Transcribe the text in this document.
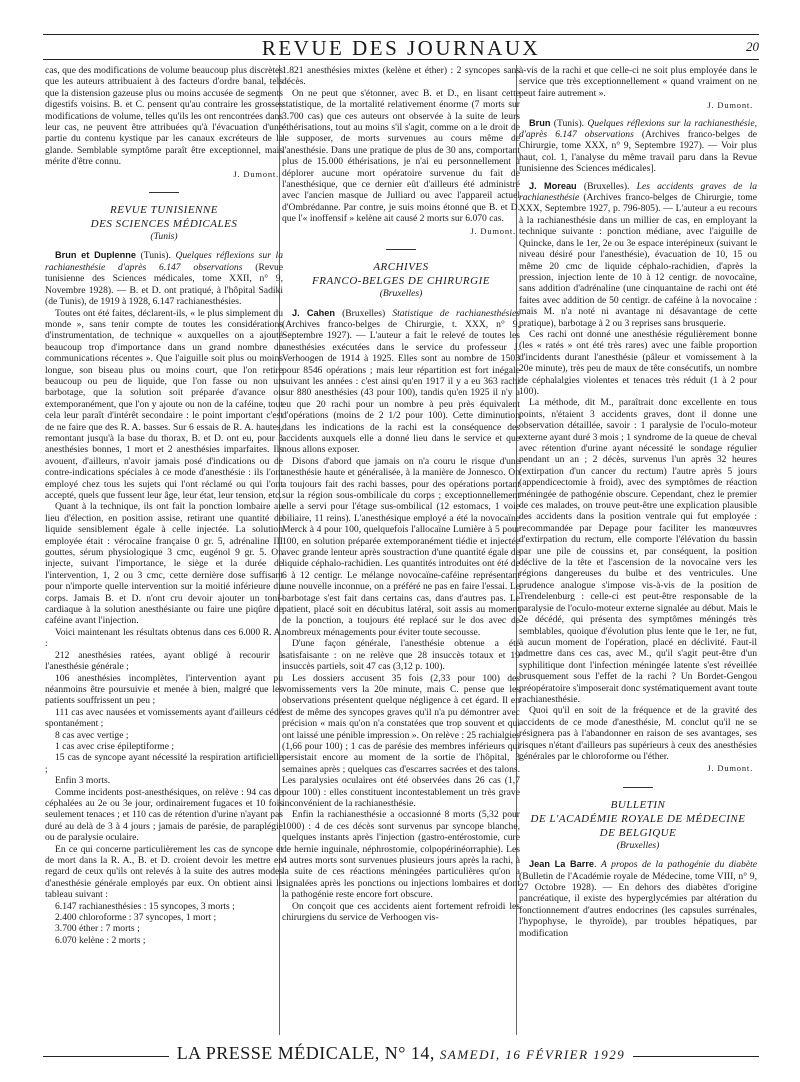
REVUE DES JOURNAUX	20

cas, que des modifications de volume beaucoup plus discrètes que les auteurs attribuaient à des facteurs d'ordre banal, tels que la distension gazeuse plus ou moins accusée de segments digestifs voisins. B. et C. pensent qu'au contraire les grosses modifications de volume, telles qu'ils les ont rencontrées dans leur cas, ne peuvent être attribuées qu'à l'évacuation d'une partie du contenu kystique par les canaux excréteurs de la glande. Semblable symptôme paraît être exceptionnel, mais mérite d'être connu.

J. Dumont.
REVUE TUNISIENNE
DES SCIENCES MÉDICALES
(Tunis)

Brun et Duplenne (Tunis). Quelques réflexions sur la rachianesthésie d'après 6.147 observations (Revue tunisienne des Sciences médicales, tome XXII, n° 9, Novembre 1928). — B. et D. ont pratiqué, à l'hôpital Sadiki (de Tunis), de 1919 à 1928, 6.147 rachianesthésies.

Toutes ont été faites, déclarent-ils, « le plus simplement du monde », sans tenir compte de toutes les considérations d'instrumentation, de technique « auxquelles on a ajouté beaucoup trop d'importance dans un grand nombre de communications récentes ». Que l'aiguille soit plus ou moins longue, son biseau plus ou moins court, que l'on retire beaucoup ou peu de liquide, que l'on fasse ou non un barbotage, que la solution soit préparée d'avance ou extemporanément, que l'on y ajoute ou non de la caféine, tout cela leur paraît d'intérêt secondaire : le point important c'est de ne faire que des R. A. basses. Sur 6 essais de R. A. hautes, remontant jusqu'à la base du thorax, B. et D. ont eu, pour 3 anesthésies bonnes, 1 mort et 2 anesthésies imparfaites. Ils avouent, d'ailleurs, n'avoir jamais posé d'indications ou de contre-indications spéciales à ce mode d'anesthésie : ils l'ont employé chez tous les sujets qui l'ont réclamé ou qui l'ont accepté, quels que fussent leur âge, leur état, leur tension, etc.

Quant à la technique, ils ont fait la ponction lombaire au lieu d'élection, en position assise, retirant une quantité de liquide sensiblement égale à celle injectée. La solution employée était : vérocaïne française 0 gr. 5, adrénaline III gouttes, sérum physiologique 3 cmc, eugénol 9 gr. 5. On injecte, suivant l'importance, le siège et la durée de l'intervention, 1, 2 ou 3 cmc, cette dernière dose suffisant pour n'importe quelle intervention sur la moitié inférieure du corps. Jamais B. et D. n'ont cru devoir ajouter un toni-cardiaque à la solution anesthésiante ou faire une piqûre de caféine avant l'injection.

Voici maintenant les résultats obtenus dans ces 6.000 R. A. :

212 anesthésies ratées, ayant obligé à recourir à l'anesthésie générale ;

106 anesthésies incomplètes, l'intervention ayant pu néanmoins être poursuivie et menée à bien, malgré que les patients souffrissent un peu ;

111 cas avec nausées et vomissements ayant d'ailleurs cédé spontanément ;

8 cas avec vertige ;

1 cas avec crise épileptiforme ;

15 cas de syncope ayant nécessité la respiration artificielle ;

Enfin 3 morts.

Comme incidents post-anesthésiques, on relève : 94 cas de céphalées au 2e ou 3e jour, ordinairement fugaces et 10 fois seulement tenaces ; et 110 cas de rétention d'urine n'ayant pas duré au delà de 3 à 4 jours ; jamais de parésie, de paraplégie ou de paralysie oculaire.

En ce qui concerne particulièrement les cas de syncope et de mort dans la R. A., B. et D. croient devoir les mettre en regard de ceux qu'ils ont relevés à la suite des autres modes d'anesthésie générale employés par eux. On obtient ainsi le tableau suivant :

6.147 rachianesthésies : 15 syncopes, 3 morts ;

2.400 chloroforme : 37 syncopes, 1 mort ;

3.700 éther : 7 morts ;

6.070 kelène : 2 morts ;

1.821 anesthésies mixtes (kelène et éther) : 2 syncopes sans décès.

On ne peut que s'étonner, avec B. et D., en lisant cette statistique, de la mortalité relativement énorme (7 morts sur 3.700 cas) que ces auteurs ont observée à la suite de leurs éthérisations, tout au moins s'il s'agit, comme on a le droit de le supposer, de morts survenues au cours même de l'anesthésie. Dans une pratique de plus de 30 ans, comportant plus de 15.000 éthérisations, je n'ai eu personnellement à déplorer aucune mort opératoire survenue du fait de l'anesthésique, que ce dernier eût d'ailleurs été administré avec l'ancien masque de Julliard ou avec l'appareil actuel d'Ombrédanne. Par contre, je suis moins étonné que B. et D. que l'« inoffensif » kelène ait causé 2 morts sur 6.070 cas.

J. Dumont.
ARCHIVES
FRANCO-BELGES DE CHIRURGIE
(Bruxelles)

J. Cahen (Bruxelles) Statistique de rachianesthésies (Archives franco-belges de Chirurgie, t. XXX, n° 9, Septembre 1927). — L'auteur a fait le relevé de toutes les anesthésies exécutées dans le service du professeur J. Verhoogen de 1914 à 1925. Elles sont au nombre de 1503 pour 8546 opérations ; mais leur répartition est fort inégale suivant les années : c'est ainsi qu'en 1917 il y a eu 363 rachi sur 880 anesthésies (43 pour 100), tandis qu'en 1925 il n'y a eu que 20 rachi pour un nombre à peu près équivalent d'opérations (moins de 2 1/2 pour 100). Cette diminution dans les indications de la rachi est la conséquence des accidents auxquels elle a donné lieu dans le service et que nous allons exposer.

Disons d'abord que jamais on n'a couru le risque d'une anesthésie haute et généralisée, à la manière de Jonnesco. On a toujours fait des rachi basses, pour des opérations portant sur la région sous-ombilicale du corps ; exceptionnellement elle a servi pour l'étage sus-ombilical (12 estomacs, 1 voie biliaire, 11 reins). L'anesthésique employé a été la novocaïne Merck à 4 pour 100, quelquefois l'allocaïne Lumière à 5 pour 100, en solution préparée extemporanément tiédie et injectée avec grande lenteur après soustraction d'une quantité égale de liquide céphalo-rachidien. Les quantités introduites ont été de 6 à 12 centigr. Le mélange novocaïne-caféine représentant une nouvelle inconnue, on a préféré ne pas en faire l'essai. Le barbotage s'est fait dans certains cas, dans d'autres pas. Le patient, placé soit en décubitus latéral, soit assis au moment de la ponction, a toujours été replacé sur le dos avec de nombreux ménagements pour éviter toute secousse.

D'une façon générale, l'anesthésie obtenue a été satisfaisante : on ne relève que 28 insuccès totaux et 19 insuccès partiels, soit 47 cas (3,12 p. 100).

Les dossiers accusent 35 fois (2,33 pour 100) des vomissements vers la 20e minute, mais C. pense que les observations présentent quelque négligence à cet égard. Il en est de même des syncopes graves qu'il n'a pu démontrer avec précision « mais qu'on n'a constatées que trop souvent et qui ont laissé une pénible impression ». On relève : 25 rachialgies (1,66 pour 100) ; 1 cas de parésie des membres inférieurs qui persistait encore au moment de la sortie de l'hôpital, 3 semaines après ; quelques cas d'escarres sacrées et des talons. Les paralysies oculaires ont été observées dans 26 cas (1,7 pour 100) : elles constituent incontestablement un très grave inconvénient de la rachianesthésie.

Enfin la rachianesthésie a occasionné 8 morts (5,32 pour 1000) : 4 de ces décès sont survenus par syncope blanche, quelques instants après l'injection (gastro-entérostomie, cure de hernie inguinale, néphrostomie, colpopérinéorraphie). Les 4 autres morts sont survenues plusieurs jours après la rachi, à la suite de ces réactions méningées particulières qu'on a signalées après les ponctions ou injections lombaires et dont la pathogénie reste encore fort obscure.

On conçoit que ces accidents aient fortement refroidi les chirurgiens du service de Verhoogen vis-

à-vis de la rachi et que celle-ci ne soit plus employée dans le service que très exceptionnellement « quand vraiment on ne peut faire autrement ».

J. Dumont.

Brun (Tunis). Quelques réflexions sur la rachianesthésie, d'après 6.147 observations (Archives franco-belges de Chirurgie, tome XXX, n° 9, Septembre 1927). — Voir plus haut, col. 1, l'analyse du même travail paru dans la Revue tunisienne des Sciences médicales].

J. Moreau (Bruxelles). Les accidents graves de la rachianesthésie (Archives franco-belges de Chirurgie, tome XXX, Septembre 1927, p. 796-805). — L'auteur a eu recours à la rachianesthésie dans un millier de cas, en employant la technique suivante : ponction médiane, avec l'aiguille de Quincke, dans le 1er, 2e ou 3e espace interépineux (suivant le niveau désiré pour l'anesthésie), évacuation de 10, 15 ou même 20 cmc de liquide céphalo-rachidien, d'après la pression, injection lente de 10 à 12 centigr. de novocaïne, sans addition d'adrénaline (une cinquantaine de rachi ont été faites avec addition de 50 centigr. de caféine à la novocaïne : mais M. n'a noté ni avantage ni désavantage de cette pratique), barbotage à 2 ou 3 reprises sans brusquerie.

Ces rachi ont donné une anesthésie régulièrement bonne (les « ratés » ont été très rares) avec une faible proportion d'incidents durant l'anesthésie (pâleur et vomissement à la 20e minute), très peu de maux de tête consécutifs, un nombre de céphalalgies violentes et tenaces très réduit (1 à 2 pour 100).

La méthode, dit M., paraîtrait donc excellente en tous points, n'étaient 3 accidents graves, dont il donne une observation détaillée, savoir : 1 paralysie de l'oculo-moteur externe ayant duré 3 mois ; 1 syndrome de la queue de cheval avec rétention d'urine ayant nécessité le sondage régulier pendant un an ; 2 décès, survenus l'un après 32 heures (extirpation d'un cancer du rectum) l'autre après 5 jours (appendicectomie à froid), avec des symptômes de réaction méningée de pathogénie obscure. Cependant, chez le premier de ces malades, on trouve peut-être une explication plausible des accidents dans la position ventrale qui fut employée : recommandée par Depage pour faciliter les manœuvres d'extirpation du rectum, elle comporte l'élévation du bassin par une pile de coussins et, par conséquent, la position déclive de la tête et l'ascension de la novocaïne vers les régions dangereuses du bulbe et des ventricules. Une prudence analogue s'impose vis-à-vis de la position de Trendelenburg : celle-ci est peut-être responsable de la paralysie de l'oculo-moteur externe signalée au début. Mais le 2e décédé, qui présenta des symptômes méningés très semblables, quoique d'évolution plus lente que le 1er, ne fut, à aucun moment de l'opération, placé en déclivité. Faut-il admettre dans ces cas, avec M., qu'il s'agit peut-être d'un syphilitique dont l'infection méningée latente s'est réveillée brusquement sous l'effet de la rachi ? Un Bordet-Gengou préopératoire s'imposerait donc systématiquement avant toute rachianesthésie.

Quoi qu'il en soit de la fréquence et de la gravité des accidents de ce mode d'anesthésie, M. conclut qu'il ne se résignera pas à l'abandonner en raison de ses avantages, ses risques n'étant d'ailleurs pas supérieurs à ceux des anesthésies générales par le chloroforme ou l'éther.

J. Dumont.
BULLETIN
DE L'ACADÉMIE ROYALE DE MÉDECINE
DE BELGIQUE
(Bruxelles)

Jean La Barre. A propos de la pathogénie du diabète (Bulletin de l'Académie royale de Médecine, tome VIII, n° 9, 27 Octobre 1928). — En dehors des diabètes d'origine pancréatique, il existe des hyperglycémies par altération du fonctionnement d'autres endocrines (les capsules surrénales, l'hypophyse, le thyroïde), par troubles hépatiques, par modification

LA PRESSE MÉDICALE, N° 14, SAMEDI, 16 FÉVRIER 1929
